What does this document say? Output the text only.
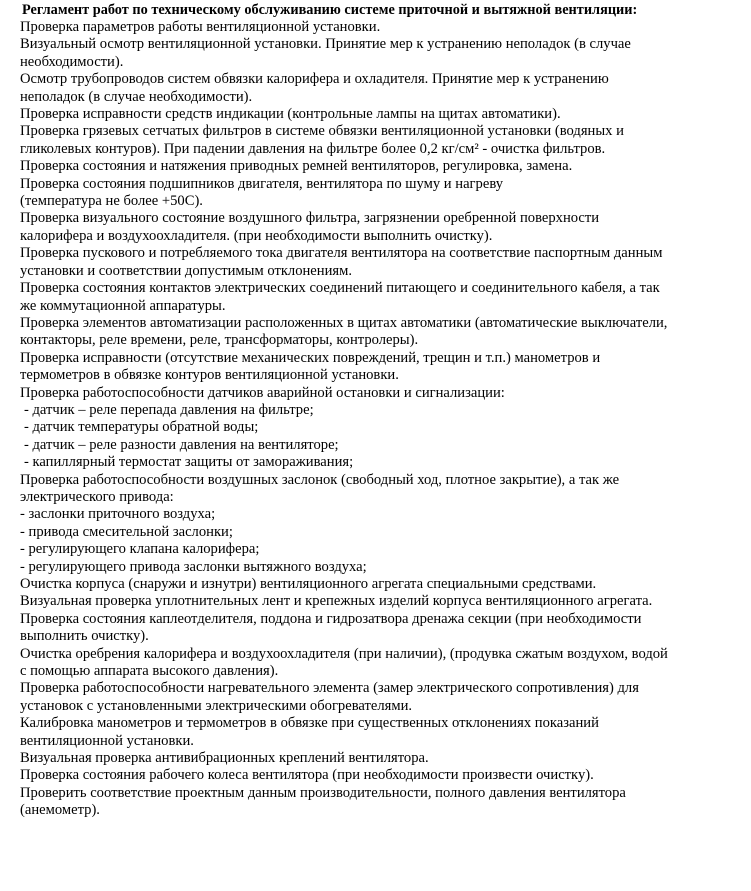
Регламент работ по техническому обслуживанию системе приточной и вытяжной вентиляции:

Проверка параметров работы вентиляционной установки.

Визуальный осмотр вентиляционной установки. Принятие мер к устранению неполадок (в случае

необходимости).

Осмотр трубопроводов систем обвязки калорифера и охладителя. Принятие мер к устранению

неполадок (в случае необходимости).

Проверка исправности средств индикации (контрольные лампы на щитах автоматики).

Проверка грязевых сетчатых фильтров в системе обвязки вентиляционной установки (водяных и

гликолевых контуров). При падении давления на фильтре более 0,2 кг/см² - очистка фильтров.

Проверка состояния и натяжения приводных ремней вентиляторов, регулировка, замена.

Проверка состояния подшипников двигателя, вентилятора по шуму и нагреву

(температура не более +50С).

Проверка визуального состояние воздушного фильтра, загрязнении оребренной поверхности

калорифера и воздухоохладителя. (при необходимости выполнить очистку).

Проверка пускового и потребляемого тока двигателя вентилятора на соответствие паспортным данным

установки и соответствии допустимым отклонениям.

Проверка состояния контактов электрических соединений питающего и соединительного кабеля, а так

же коммутационной аппаратуры.

Проверка элементов автоматизации расположенных в щитах автоматики (автоматические выключатели,

контакторы, реле времени, реле, трансформаторы, контролеры).

Проверка исправности (отсутствие механических повреждений, трещин и т.п.) манометров и

термометров в обвязке контуров вентиляционной установки.

Проверка работоспособности датчиков аварийной остановки и сигнализации:

- датчик – реле перепада давления на фильтре;

- датчик температуры обратной воды;

- датчик – реле разности давления на вентиляторе;

- капиллярный термостат защиты от замораживания;

Проверка работоспособности воздушных заслонок (свободный ход, плотное закрытие), а так же

электрического привода:

- заслонки приточного воздуха;

- привода смесительной заслонки;

- регулирующего клапана калорифера;

- регулирующего привода заслонки вытяжного воздуха;

Очистка корпуса (снаружи и изнутри) вентиляционного агрегата специальными средствами.

Визуальная проверка уплотнительных лент и крепежных изделий корпуса вентиляционного агрегата.

Проверка состояния каплеотделителя, поддона и гидрозатвора дренажа секции (при необходимости

выполнить очистку).

Очистка оребрения калорифера и воздухоохладителя (при наличии), (продувка сжатым воздухом, водой

с помощью аппарата высокого давления).

Проверка работоспособности нагревательного элемента (замер электрического сопротивления) для

установок с установленными электрическими обогревателями.

Калибровка манометров и термометров в обвязке при существенных отклонениях показаний

вентиляционной установки.

Визуальная проверка антивибрационных креплений вентилятора.

Проверка состояния рабочего колеса вентилятора (при необходимости произвести очистку).

Проверить соответствие проектным данным производительности, полного давления вентилятора

(анемометр).
